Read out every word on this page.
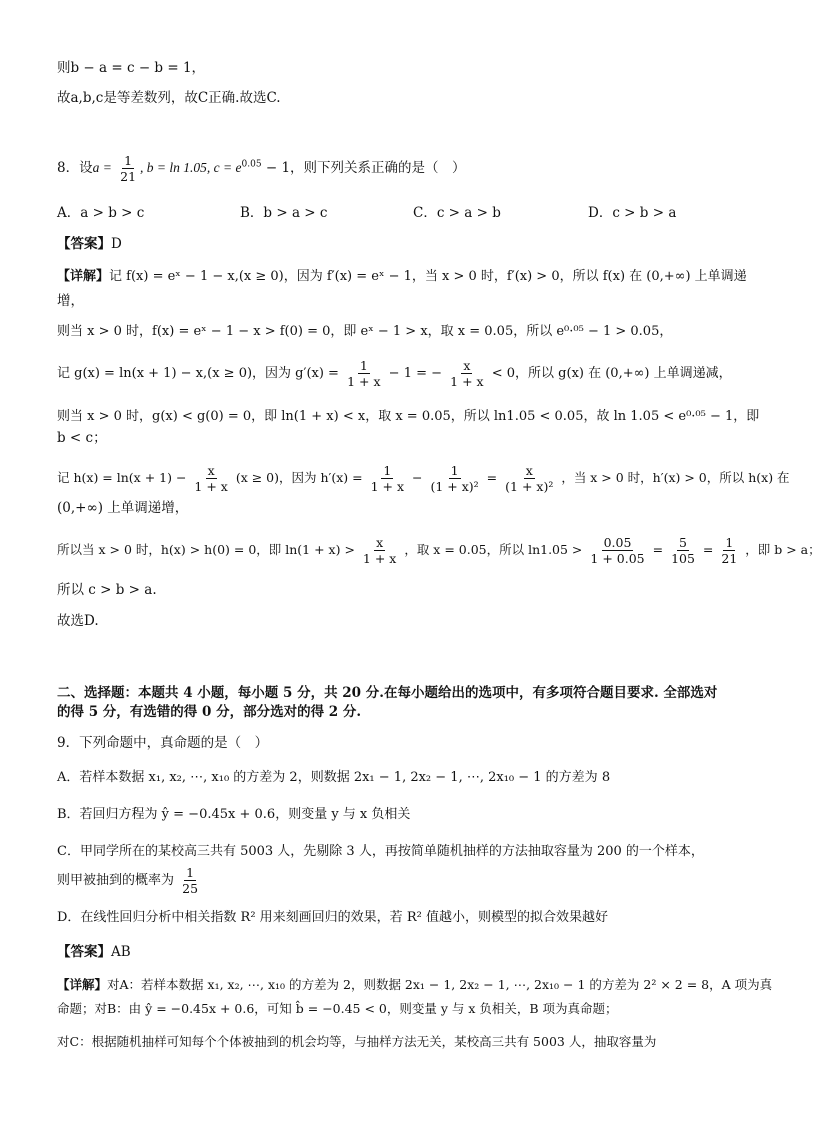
则b − a = c − b = 1，
故a,b,c是等差数列，故C正确.故选C.
8．设$a = \frac{1}{21}$ , b = ln 1.05, $c = e^{0.05} - 1$，则下列关系正确的是（　）
A．a > b > c	B．b > a > c	C．c > a > b	D．c > b > a
【答案】D
【详解】记 f(x) = eˣ − 1 − x,(x ≥ 0)，因为 f′(x) = eˣ − 1，当 x > 0 时，f′(x) > 0，所以 f(x) 在 (0,+∞) 上单调递
增，
则当 x > 0 时，f(x) = eˣ − 1 − x > f(0) = 0，即 eˣ − 1 > x，取 x = 0.05，所以 e⁰·⁰⁵ − 1 > 0.05，
记 g(x) = ln(x + 1) − x,(x ≥ 0)，因为 $g'(x) = \frac{1}{1 + x} - 1$ = − $\frac{x}{1 + x} < 0$，所以 g(x) 在 (0,+∞) 上单调递减，
则当 x > 0 时，g(x) < g(0) = 0，即 ln(1 + x) < x，取 x = 0.05，所以 ln1.05 < 0.05，故 ln 1.05 < e⁰·⁰⁵ − 1，即
b < c；
记 $h(x) = \ln(x + 1) - \frac{x}{1 + x} (x \ge 0)$，因为 $h'(x) = \frac{1}{1 + x} - \frac{1}{\text{(1 + x)²}} = \frac{x}{\text{(1 + x)²}}$ ，当 x > 0 时，h′(x) > 0，所以 h(x) 在
(0,+∞) 上单调递增，
所以当 x > 0 时，h(x) > h(0) = 0，即 $\ln(1 + x) > \frac{x}{1 + x}$ ，取 x = 0.05，所以 $\ln 1.05 > \frac{0.05}{1 + 0.05} = \frac{5}{105} = \frac{1}{21}$ ，即 b > a；
所以 c > b > a.
故选D.
二、选择题：本题共 4 小题，每小题 5 分，共 20 分.在每小题给出的选项中，有多项符合题目要求. 全部选对
的得 5 分，有选错的得 0 分，部分选对的得 2 分.
9．下列命题中，真命题的是（　）
A．若样本数据 x₁, x₂, ⋯, x₁₀ 的方差为 2，则数据 2x₁ − 1, 2x₂ − 1, ⋯, 2x₁₀ − 1 的方差为 8
B．若回归方程为 ŷ = −0.45x + 0.6，则变量 y 与 x 负相关
C．甲同学所在的某校高三共有 5003 人，先剔除 3 人，再按简单随机抽样的方法抽取容量为 200 的一个样本，
则甲被抽到的概率为 $\frac{1}{25}$
D．在线性回归分析中相关指数 R² 用来刻画回归的效果，若 R² 值越小，则模型的拟合效果越好
【答案】AB
【详解】对A：若样本数据 x₁, x₂, ⋯, x₁₀ 的方差为 2，则数据 2x₁ − 1, 2x₂ − 1, ⋯, 2x₁₀ − 1 的方差为 2² × 2 = 8，A 项为真
命题；对B：由 ŷ = −0.45x + 0.6，可知 b̂ = −0.45 < 0，则变量 y 与 x 负相关，B 项为真命题；
对C：根据随机抽样可知每个个体被抽到的机会均等，与抽样方法无关，某校高三共有 5003 人，抽取容量为
